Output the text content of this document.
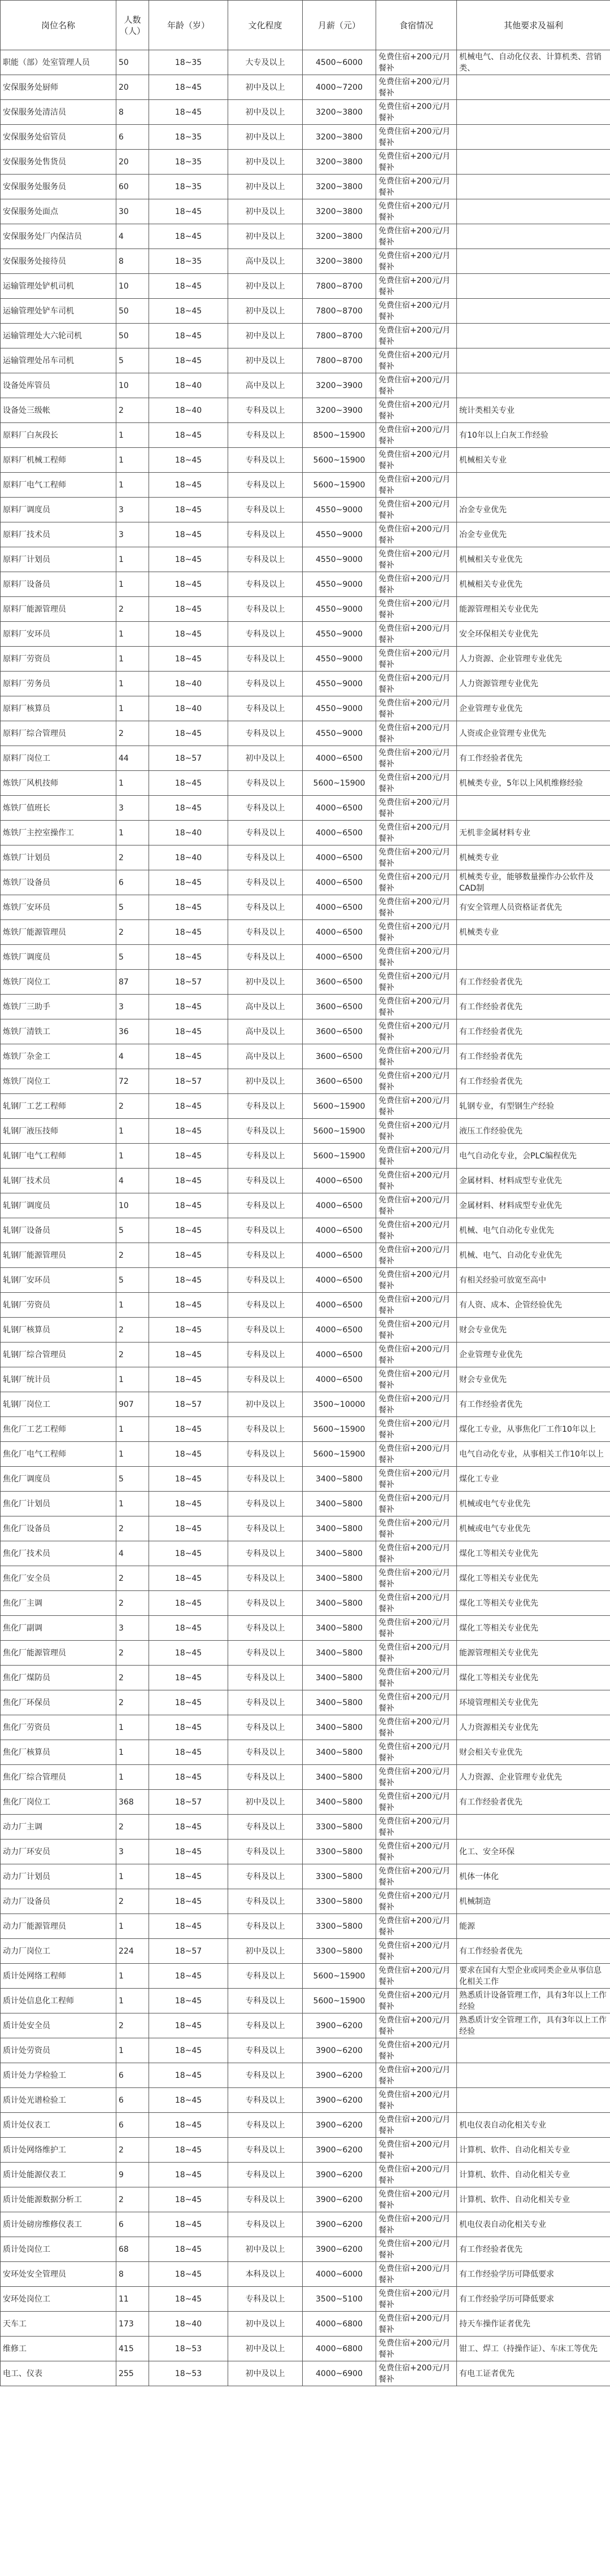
岗位名称	人数（人）	年龄（岁）	文化程度	月薪（元）	食宿情况	其他要求及福利
职能（部）处室管理人员	50	18~35	大专及以上	4500~6000	免费住宿+200元/月餐补	机械电气、自动化仪表、计算机类、营销类、
安保服务处厨师	20	18~45	初中及以上	4000~7200	免费住宿+200元/月餐补	
安保服务处清洁员	8	18~45	初中及以上	3200~3800	免费住宿+200元/月餐补	
安保服务处宿管员	6	18~35	初中及以上	3200~3800	免费住宿+200元/月餐补	
安保服务处售货员	20	18~35	初中及以上	3200~3800	免费住宿+200元/月餐补	
安保服务处服务员	60	18~35	初中及以上	3200~3800	免费住宿+200元/月餐补	
安保服务处面点	30	18~45	初中及以上	3200~3800	免费住宿+200元/月餐补	
安保服务处厂内保洁员	4	18~45	初中及以上	3200~3800	免费住宿+200元/月餐补	
安保服务处接待员	8	18~35	高中及以上	3200~3800	免费住宿+200元/月餐补	
运输管理处铲机司机	10	18~45	初中及以上	7800~8700	免费住宿+200元/月餐补	
运输管理处铲车司机	50	18~45	初中及以上	7800~8700	免费住宿+200元/月餐补	
运输管理处大六轮司机	50	18~45	初中及以上	7800~8700	免费住宿+200元/月餐补	
运输管理处吊车司机	5	18~45	初中及以上	7800~8700	免费住宿+200元/月餐补	
设备处库管员	10	18~40	高中及以上	3200~3900	免费住宿+200元/月餐补	
设备处三级帐	2	18~40	专科及以上	3200~3900	免费住宿+200元/月餐补	统计类相关专业
原料厂白灰段长	1	18~45	专科及以上	8500~15900	免费住宿+200元/月餐补	有10年以上白灰工作经验
原料厂机械工程师	1	18~45	专科及以上	5600~15900	免费住宿+200元/月餐补	机械相关专业
原料厂电气工程师	1	18~45	专科及以上	5600~15900	免费住宿+200元/月餐补	
原料厂调度员	3	18~45	专科及以上	4550~9000	免费住宿+200元/月餐补	冶金专业优先
原料厂技术员	3	18~45	专科及以上	4550~9000	免费住宿+200元/月餐补	冶金专业优先
原料厂计划员	1	18~45	专科及以上	4550~9000	免费住宿+200元/月餐补	机械相关专业优先
原料厂设备员	1	18~45	专科及以上	4550~9000	免费住宿+200元/月餐补	机械相关专业优先
原料厂能源管理员	2	18~45	专科及以上	4550~9000	免费住宿+200元/月餐补	能源管理相关专业优先
原料厂安环员	1	18~45	专科及以上	4550~9000	免费住宿+200元/月餐补	安全环保相关专业优先
原料厂劳资员	1	18~45	专科及以上	4550~9000	免费住宿+200元/月餐补	人力资源、企业管理专业优先
原料厂劳务员	1	18~40	专科及以上	4550~9000	免费住宿+200元/月餐补	人力资源管理专业优先
原料厂核算员	1	18~40	专科及以上	4550~9000	免费住宿+200元/月餐补	企业管理专业优先
原料厂综合管理员	2	18~45	专科及以上	4550~9000	免费住宿+200元/月餐补	人资或企业管理专业优先
原料厂岗位工	44	18~57	初中及以上	4000~6500	免费住宿+200元/月餐补	有工作经验者优先
炼铁厂风机技师	1	18~45	专科及以上	5600~15900	免费住宿+200元/月餐补	机械类专业，5年以上风机维修经验
炼铁厂值班长	3	18~45	专科及以上	4000~6500	免费住宿+200元/月餐补	
炼铁厂主控室操作工	1	18~40	专科及以上	4000~6500	免费住宿+200元/月餐补	无机非金属材料专业
炼铁厂计划员	2	18~40	专科及以上	4000~6500	免费住宿+200元/月餐补	机械类专业
炼铁厂设备员	6	18~45	专科及以上	4000~6500	免费住宿+200元/月餐补	机械类专业，能够数量操作办公软件及CAD制
炼铁厂安环员	5	18~45	专科及以上	4000~6500	免费住宿+200元/月餐补	有安全管理人员资格证者优先
炼铁厂能源管理员	2	18~45	专科及以上	4000~6500	免费住宿+200元/月餐补	机械类专业
炼铁厂调度员	5	18~45	专科及以上	4000~6500	免费住宿+200元/月餐补	
炼铁厂岗位工	87	18~57	初中及以上	3600~6500	免费住宿+200元/月餐补	有工作经验者优先
炼铁厂三助手	3	18~45	高中及以上	3600~6500	免费住宿+200元/月餐补	有工作经验者优先
炼铁厂清铁工	36	18~45	高中及以上	3600~6500	免费住宿+200元/月餐补	有工作经验者优先
炼铁厂杂金工	4	18~45	高中及以上	3600~6500	免费住宿+200元/月餐补	有工作经验者优先
炼铁厂岗位工	72	18~57	初中及以上	3600~6500	免费住宿+200元/月餐补	有工作经验者优先
轧钢厂工艺工程师	2	18~45	专科及以上	5600~15900	免费住宿+200元/月餐补	轧钢专业，有型钢生产经验
轧钢厂液压技师	1	18~45	专科及以上	5600~15900	免费住宿+200元/月餐补	液压工作经验优先
轧钢厂电气工程师	1	18~45	专科及以上	5600~15900	免费住宿+200元/月餐补	电气自动化专业，会PLC编程优先
轧钢厂技术员	4	18~45	专科及以上	4000~6500	免费住宿+200元/月餐补	金属材料、材料成型专业优先
轧钢厂调度员	10	18~45	专科及以上	4000~6500	免费住宿+200元/月餐补	金属材料、材料成型专业优先
轧钢厂设备员	5	18~45	专科及以上	4000~6500	免费住宿+200元/月餐补	机械、电气自动化专业优先
轧钢厂能源管理员	2	18~45	专科及以上	4000~6500	免费住宿+200元/月餐补	机械、电气、自动化专业优先
轧钢厂安环员	5	18~45	专科及以上	4000~6500	免费住宿+200元/月餐补	有相关经验可放宽至高中
轧钢厂劳资员	1	18~45	专科及以上	4000~6500	免费住宿+200元/月餐补	有人资、成本、企管经验优先
轧钢厂核算员	2	18~45	专科及以上	4000~6500	免费住宿+200元/月餐补	财会专业优先
轧钢厂综合管理员	2	18~45	专科及以上	4000~6500	免费住宿+200元/月餐补	企业管理专业优先
轧钢厂统计员	1	18~45	专科及以上	4000~6500	免费住宿+200元/月餐补	财会专业优先
轧钢厂岗位工	907	18~57	初中及以上	3500~10000	免费住宿+200元/月餐补	有工作经验者优先
焦化厂工艺工程师	1	18~45	专科及以上	5600~15900	免费住宿+200元/月餐补	煤化工专业，从事焦化厂工作10年以上
焦化厂电气工程师	1	18~45	专科及以上	5600~15900	免费住宿+200元/月餐补	电气自动化专业，从事相关工作10年以上
焦化厂调度员	5	18~45	专科及以上	3400~5800	免费住宿+200元/月餐补	煤化工专业
焦化厂计划员	1	18~45	专科及以上	3400~5800	免费住宿+200元/月餐补	机械或电气专业优先
焦化厂设备员	2	18~45	专科及以上	3400~5800	免费住宿+200元/月餐补	机械或电气专业优先
焦化厂技术员	4	18~45	专科及以上	3400~5800	免费住宿+200元/月餐补	煤化工等相关专业优先
焦化厂安全员	2	18~45	专科及以上	3400~5800	免费住宿+200元/月餐补	煤化工等相关专业优先
焦化厂主调	2	18~45	专科及以上	3400~5800	免费住宿+200元/月餐补	煤化工等相关专业优先
焦化厂副调	3	18~45	专科及以上	3400~5800	免费住宿+200元/月餐补	煤化工等相关专业优先
焦化厂能源管理员	2	18~45	专科及以上	3400~5800	免费住宿+200元/月餐补	能源管理相关专业优先
焦化厂煤防员	2	18~45	专科及以上	3400~5800	免费住宿+200元/月餐补	煤化工等相关专业优先
焦化厂环保员	2	18~45	专科及以上	3400~5800	免费住宿+200元/月餐补	环境管理相关专业优先
焦化厂劳资员	1	18~45	专科及以上	3400~5800	免费住宿+200元/月餐补	人力资源相关专业优先
焦化厂核算员	1	18~45	专科及以上	3400~5800	免费住宿+200元/月餐补	财会相关专业优先
焦化厂综合管理员	1	18~45	专科及以上	3400~5800	免费住宿+200元/月餐补	人力资源、企业管理专业优先
焦化厂岗位工	368	18~57	初中及以上	3400~5800	免费住宿+200元/月餐补	有工作经验者优先
动力厂主调	2	18~45	专科及以上	3300~5800	免费住宿+200元/月餐补	
动力厂环安员	3	18~45	专科及以上	3300~5800	免费住宿+200元/月餐补	化工、安全环保
动力厂计划员	1	18~45	专科及以上	3300~5800	免费住宿+200元/月餐补	机体一体化
动力厂设备员	2	18~45	专科及以上	3300~5800	免费住宿+200元/月餐补	机械制造
动力厂能源管理员	1	18~45	专科及以上	3300~5800	免费住宿+200元/月餐补	能源
动力厂岗位工	224	18~57	初中及以上	3300~5800	免费住宿+200元/月餐补	有工作经验者优先
质计处网络工程师	1	18~45	专科及以上	5600~15900	免费住宿+200元/月餐补	要求在国有大型企业或同类企业从事信息化相关工作
质计处信息化工程师	1	18~45	专科及以上	5600~15900	免费住宿+200元/月餐补	熟悉质计设备管理工作，具有3年以上工作经验
质计处安全员	2	18~45	专科及以上	3900~6200	免费住宿+200元/月餐补	熟悉质计安全管理工作，具有3年以上工作经验
质计处劳资员	1	18~45	专科及以上	3900~6200	免费住宿+200元/月餐补	
质计处力学检验工	6	18~45	专科及以上	3900~6200	免费住宿+200元/月餐补	
质计处光谱检验工	6	18~45	专科及以上	3900~6200	免费住宿+200元/月餐补	
质计处仪表工	6	18~45	专科及以上	3900~6200	免费住宿+200元/月餐补	机电仪表自动化相关专业
质计处网络维护工	2	18~45	专科及以上	3900~6200	免费住宿+200元/月餐补	计算机、软件、自动化相关专业
质计处能源仪表工	9	18~45	专科及以上	3900~6200	免费住宿+200元/月餐补	计算机、软件、自动化相关专业
质计处能源数据分析工	2	18~45	专科及以上	3900~6200	免费住宿+200元/月餐补	计算机、软件、自动化相关专业
质计处磅房维修仪表工	6	18~45	专科及以上	3900~6200	免费住宿+200元/月餐补	机电仪表自动化相关专业
质计处岗位工	68	18~45	初中及以上	3900~6200	免费住宿+200元/月餐补	有工作经验者优先
安环处安全管理员	8	18~45	本科及以上	4000~6000	免费住宿+200元/月餐补	有工作经验学历可降低要求
安环处岗位工	11	18~45	专科及以上	3500~5100	免费住宿+200元/月餐补	有工作经验学历可降低要求
天车工	173	18~40	初中及以上	4000~6800	免费住宿+200元/月餐补	持天车操作证者优先
维修工	415	18~53	初中及以上	4000~6800	免费住宿+200元/月餐补	钳工、焊工（持操作证）、车床工等优先
电工、仪表	255	18~53	初中及以上	4000~6900	免费住宿+200元/月餐补	有电工证者优先
